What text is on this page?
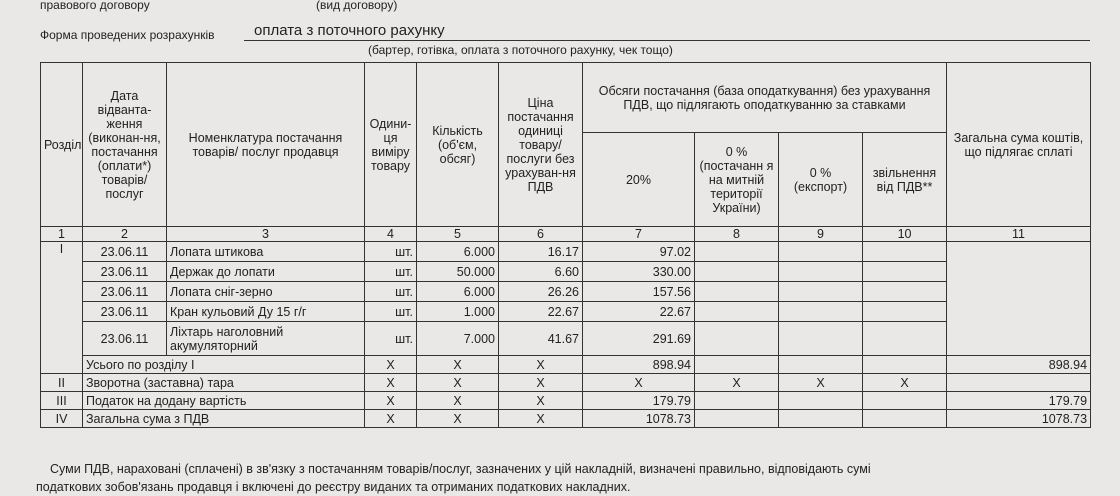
правового договору	(вид договору)
Форма проведених розрахунків	оплата з поточного рахунку
(бартер, готівка, оплата з поточного рахунку, чек тощо)
Розділ	Дата відванта-ження (виконан-ня, постачання (оплати*) товарів/ послуг	Номенклатура постачання товарів/ послуг продавця	Одини-ця виміру товару	Кількість (об'єм, обсяг)	Ціна постачання одиниці товару/ послуги без урахуван-ня ПДВ	Обсяги постачання (база оподаткування) без урахування ПДВ, що підлягають оподаткуванню за ставками				Загальна сума коштів, що підлягає сплаті
						20%	0 % (постачанн я на митній території України)	0 % (експорт)	звільнення від ПДВ**	
1	2	3	4	5	6	7	8	9	10	11
I	23.06.11	Лопата штикова	шт.	6.000	16.17	97.02				
	23.06.11	Держак до лопати	шт.	50.000	6.60	330.00				
	23.06.11	Лопата сніг-зерно	шт.	6.000	26.26	157.56				
	23.06.11	Кран кульовий Ду 15 г/г	шт.	1.000	22.67	22.67				
	23.06.11	Ліхтарь наголовний акумуляторний	шт.	7.000	41.67	291.69				
	Усього по розділу I		X	X	X	898.94				898.94
II	Зворотна (заставна) тара		X	X	X	X	X	X	X	
III	Податок на додану вартість		X	X	X	179.79				179.79
IV	Загальна сума з ПДВ		X	X	X	1078.73				1078.73
Суми ПДВ, нараховані (сплачені) в зв'язку з постачанням товарів/послуг, зазначених у цій накладній, визначені правильно, відповідають сумі
податкових зобов'язань продавця і включені до реєстру виданих та отриманих податкових накладних.
